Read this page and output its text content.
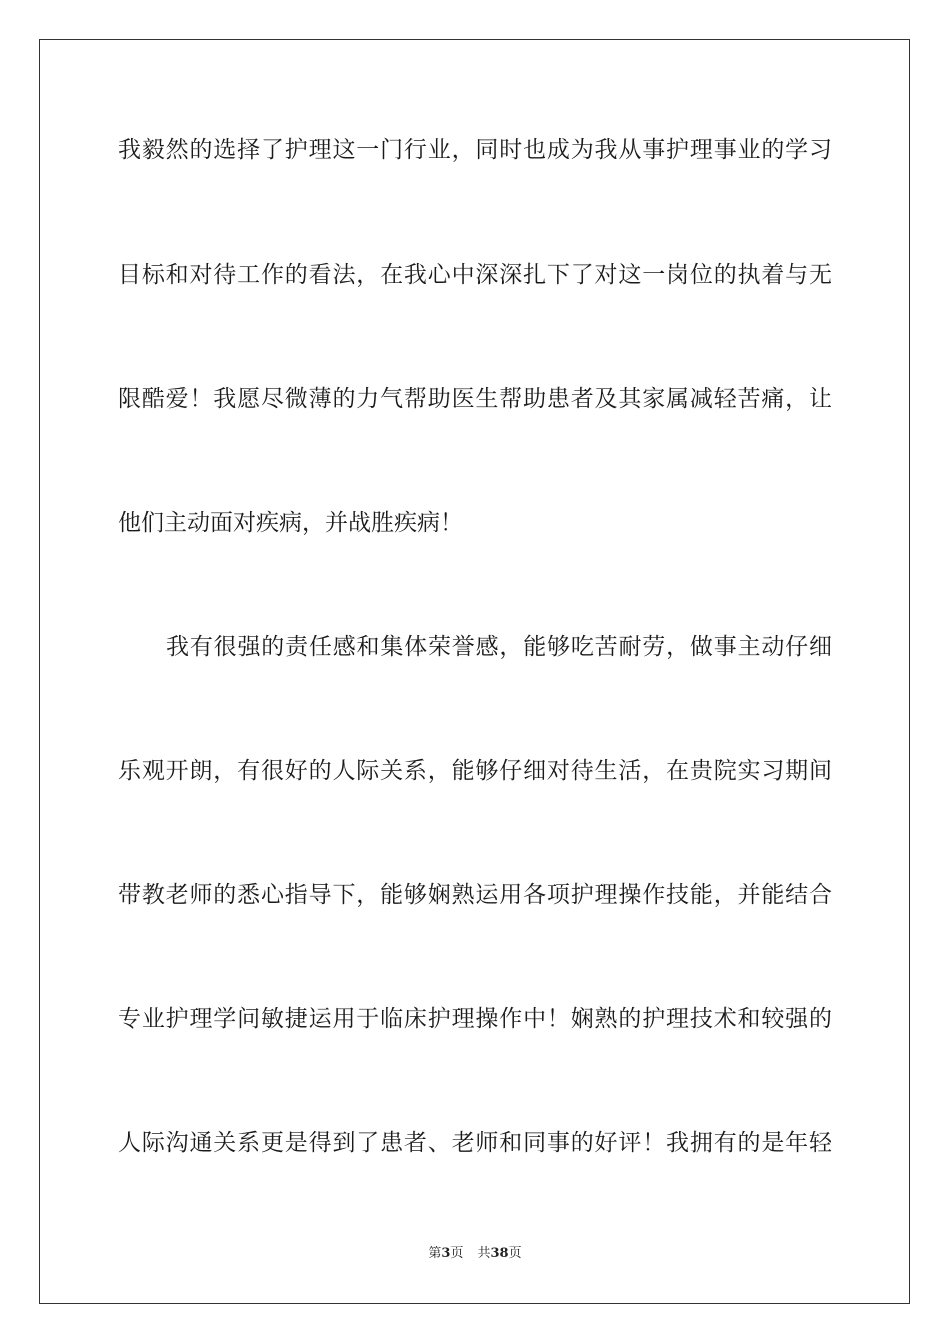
我毅然的选择了护理这一门行业，同时也成为我从事护理事业的学习
目标和对待工作的看法，在我心中深深扎下了对这一岗位的执着与无
限酷爱！我愿尽微薄的力气帮助医生帮助患者及其家属减轻苦痛，让
他们主动面对疾病，并战胜疾病！
我有很强的责任感和集体荣誉感，能够吃苦耐劳，做事主动仔细
乐观开朗，有很好的人际关系，能够仔细对待生活，在贵院实习期间
带教老师的悉心指导下，能够娴熟运用各项护理操作技能，并能结合
专业护理学问敏捷运用于临床护理操作中！娴熟的护理技术和较强的
人际沟通关系更是得到了患者、老师和同事的好评！我拥有的是年轻
第3页 共38页
